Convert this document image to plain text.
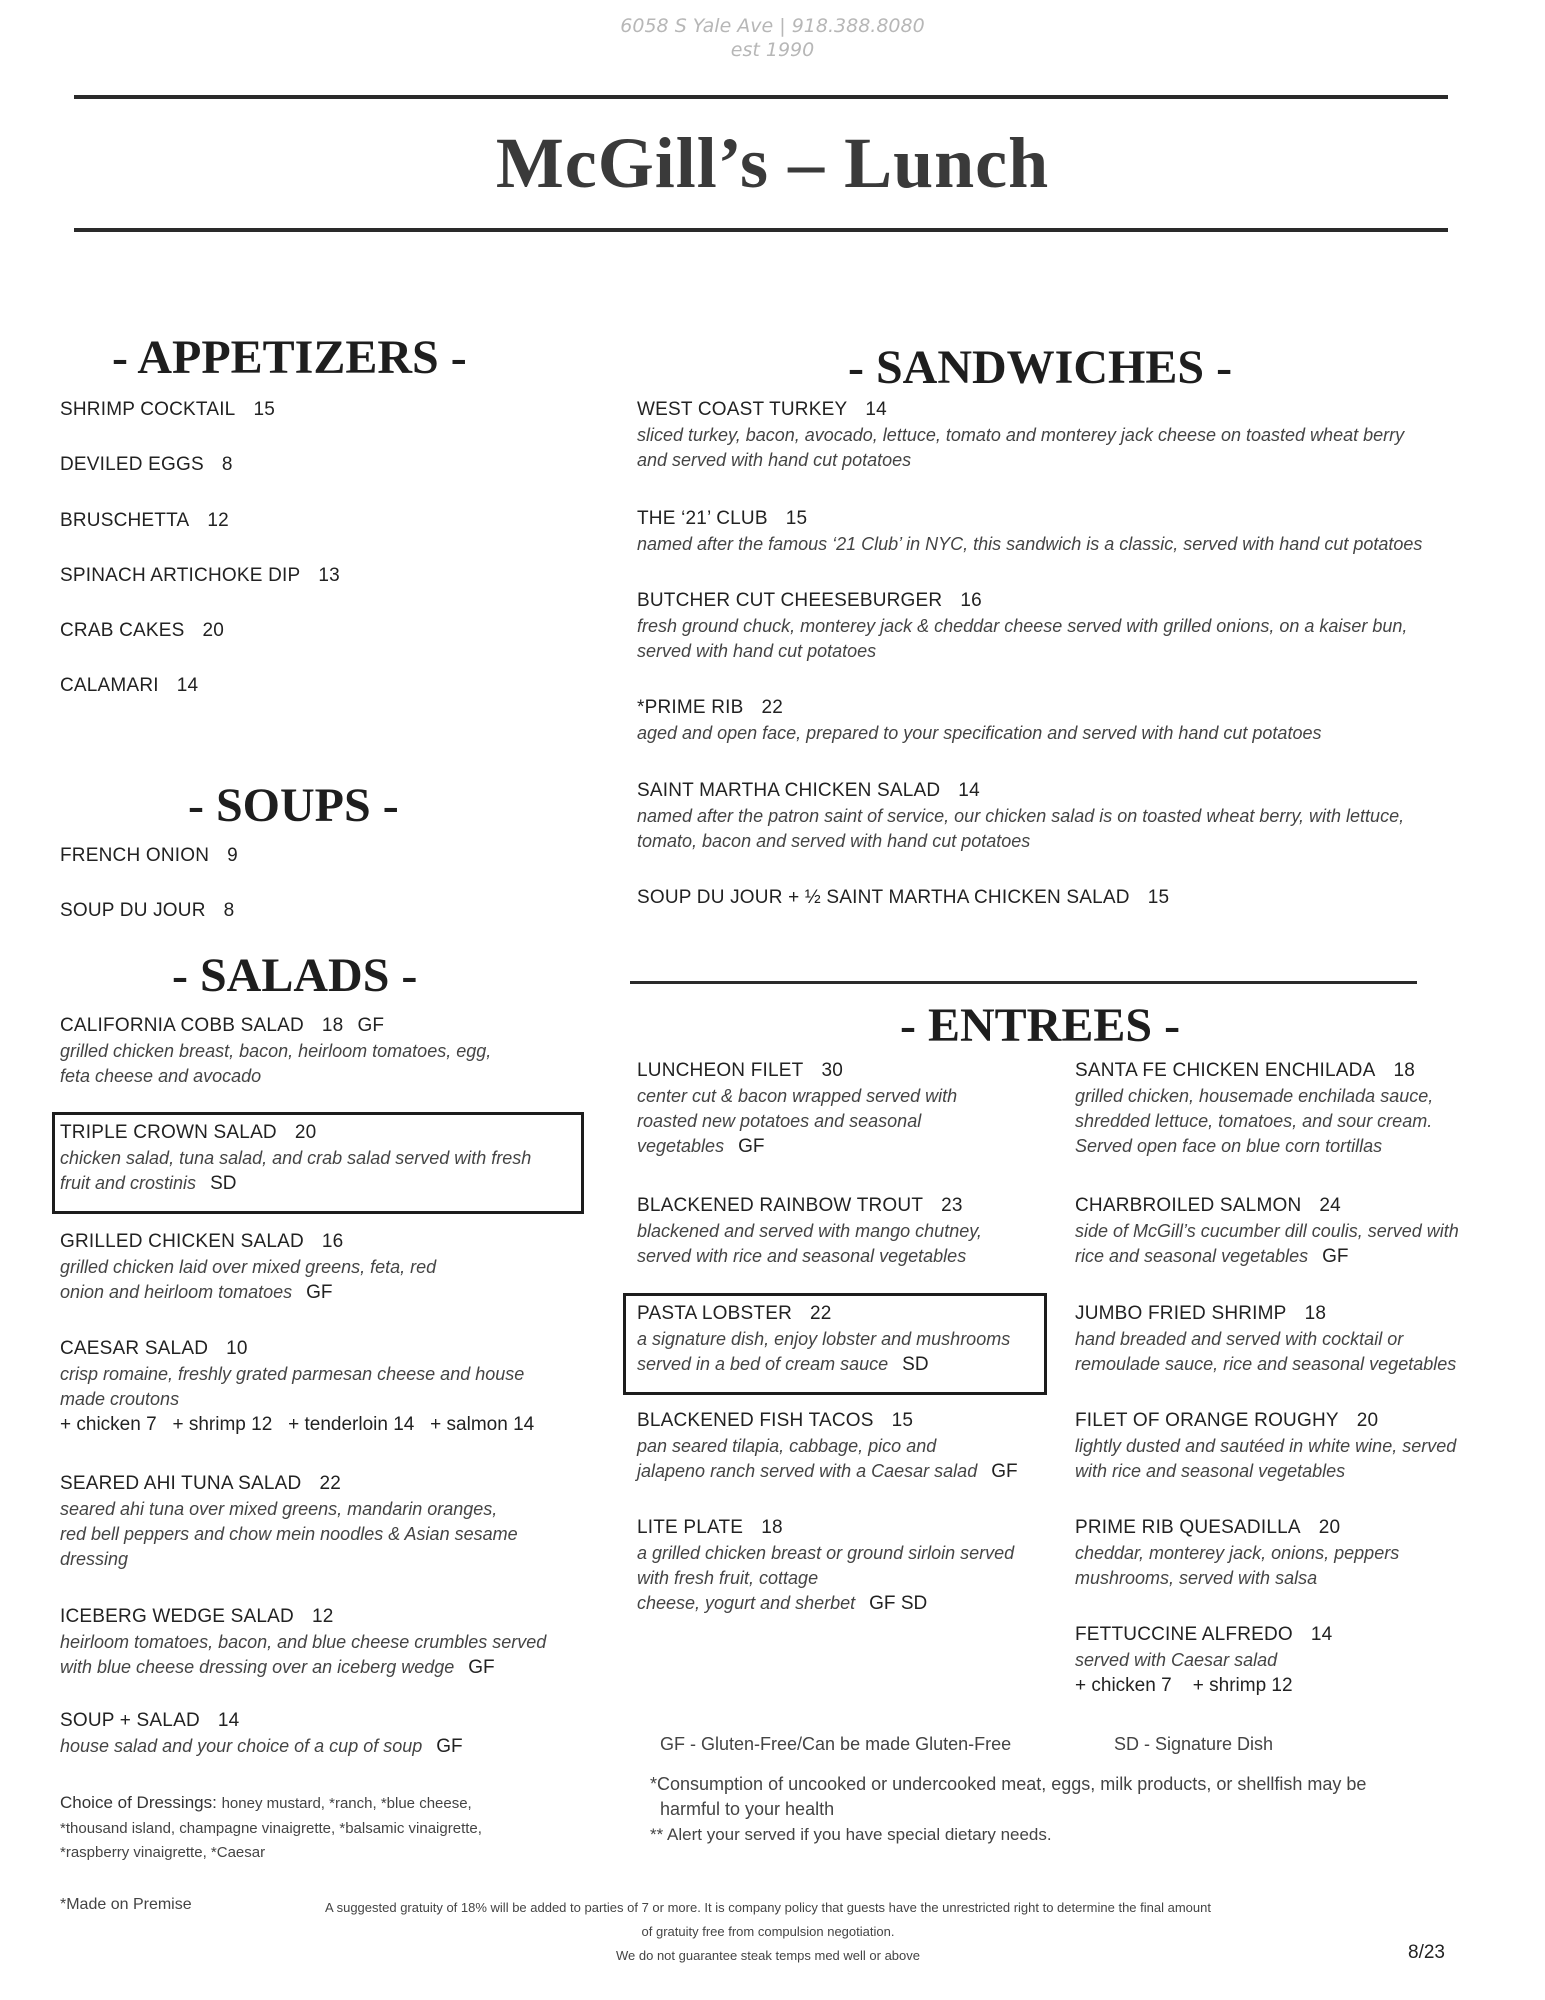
6058 S Yale Ave | 918.388.8080
est 1990
McGill’s – Lunch
- APPETIZERS -
SHRIMP COCKTAIL 15
DEVILED EGGS 8
BRUSCHETTA 12
SPINACH ARTICHOKE DIP 13
CRAB CAKES 20
CALAMARI 14
- SOUPS -
FRENCH ONION 9
SOUP DU JOUR 8
- SALADS -
CALIFORNIA COBB SALAD 18 GF
grilled chicken breast, bacon, heirloom tomatoes, egg,
feta cheese and avocado
TRIPLE CROWN SALAD 20
chicken salad, tuna salad, and crab salad served with fresh
fruit and crostinis SD
GRILLED CHICKEN SALAD 16
grilled chicken laid over mixed greens, feta, red
onion and heirloom tomatoes GF
CAESAR SALAD 10
crisp romaine, freshly grated parmesan cheese and house
made croutons
+ chicken 7   + shrimp 12   + tenderloin 14   + salmon 14
SEARED AHI TUNA SALAD 22
seared ahi tuna over mixed greens, mandarin oranges,
red bell peppers and chow mein noodles & Asian sesame
dressing
ICEBERG WEDGE SALAD 12
heirloom tomatoes, bacon, and blue cheese crumbles served
with blue cheese dressing over an iceberg wedge GF
SOUP + SALAD 14
house salad and your choice of a cup of soup GF
Choice of Dressings: honey mustard, *ranch, *blue cheese,
*thousand island, champagne vinaigrette, *balsamic vinaigrette,
*raspberry vinaigrette, *Caesar
- SANDWICHES -
WEST COAST TURKEY 14
sliced turkey, bacon, avocado, lettuce, tomato and monterey jack cheese on toasted wheat berry
and served with hand cut potatoes
THE ‘21’ CLUB 15
named after the famous ‘21 Club’ in NYC, this sandwich is a classic, served with hand cut potatoes
BUTCHER CUT CHEESEBURGER 16
fresh ground chuck, monterey jack & cheddar cheese served with grilled onions, on a kaiser bun,
served with hand cut potatoes
*PRIME RIB 22
aged and open face, prepared to your specification and served with hand cut potatoes
SAINT MARTHA CHICKEN SALAD 14
named after the patron saint of service, our chicken salad is on toasted wheat berry, with lettuce,
tomato, bacon and served with hand cut potatoes
SOUP DU JOUR + ½ SAINT MARTHA CHICKEN SALAD 15
- ENTREES -
LUNCHEON FILET 30
center cut & bacon wrapped served with
roasted new potatoes and seasonal
vegetables GF
BLACKENED RAINBOW TROUT 23
blackened and served with mango chutney,
served with rice and seasonal vegetables
PASTA LOBSTER 22
a signature dish, enjoy lobster and mushrooms
served in a bed of cream sauce SD
BLACKENED FISH TACOS 15
pan seared tilapia, cabbage, pico and
jalapeno ranch served with a Caesar salad GF
LITE PLATE 18
a grilled chicken breast or ground sirloin served
with fresh fruit, cottage
cheese, yogurt and sherbet GF SD
SANTA FE CHICKEN ENCHILADA 18
grilled chicken, housemade enchilada sauce,
shredded lettuce, tomatoes, and sour cream.
Served open face on blue corn tortillas
CHARBROILED SALMON 24
side of McGill’s cucumber dill coulis, served with
rice and seasonal vegetables GF
JUMBO FRIED SHRIMP 18
hand breaded and served with cocktail or
remoulade sauce, rice and seasonal vegetables
FILET OF ORANGE ROUGHY 20
lightly dusted and sautéed in white wine, served
with rice and seasonal vegetables
PRIME RIB QUESADILLA 20
cheddar, monterey jack, onions, peppers
mushrooms, served with salsa
FETTUCCINE ALFREDO 14
served with Caesar salad
+ chicken 7    + shrimp 12
GF - Gluten-Free/Can be made Gluten-Free	SD - Signature Dish
*Consumption of uncooked or undercooked meat, eggs, milk products, or shellfish may be
harmful to your health
** Alert your served if you have special dietary needs.
*Made on Premise	A suggested gratuity of 18% will be added to parties of 7 or more. It is company policy that guests have the unrestricted right to determine the final amount
of gratuity free from compulsion negotiation.
We do not guarantee steak temps med well or above	8/23
